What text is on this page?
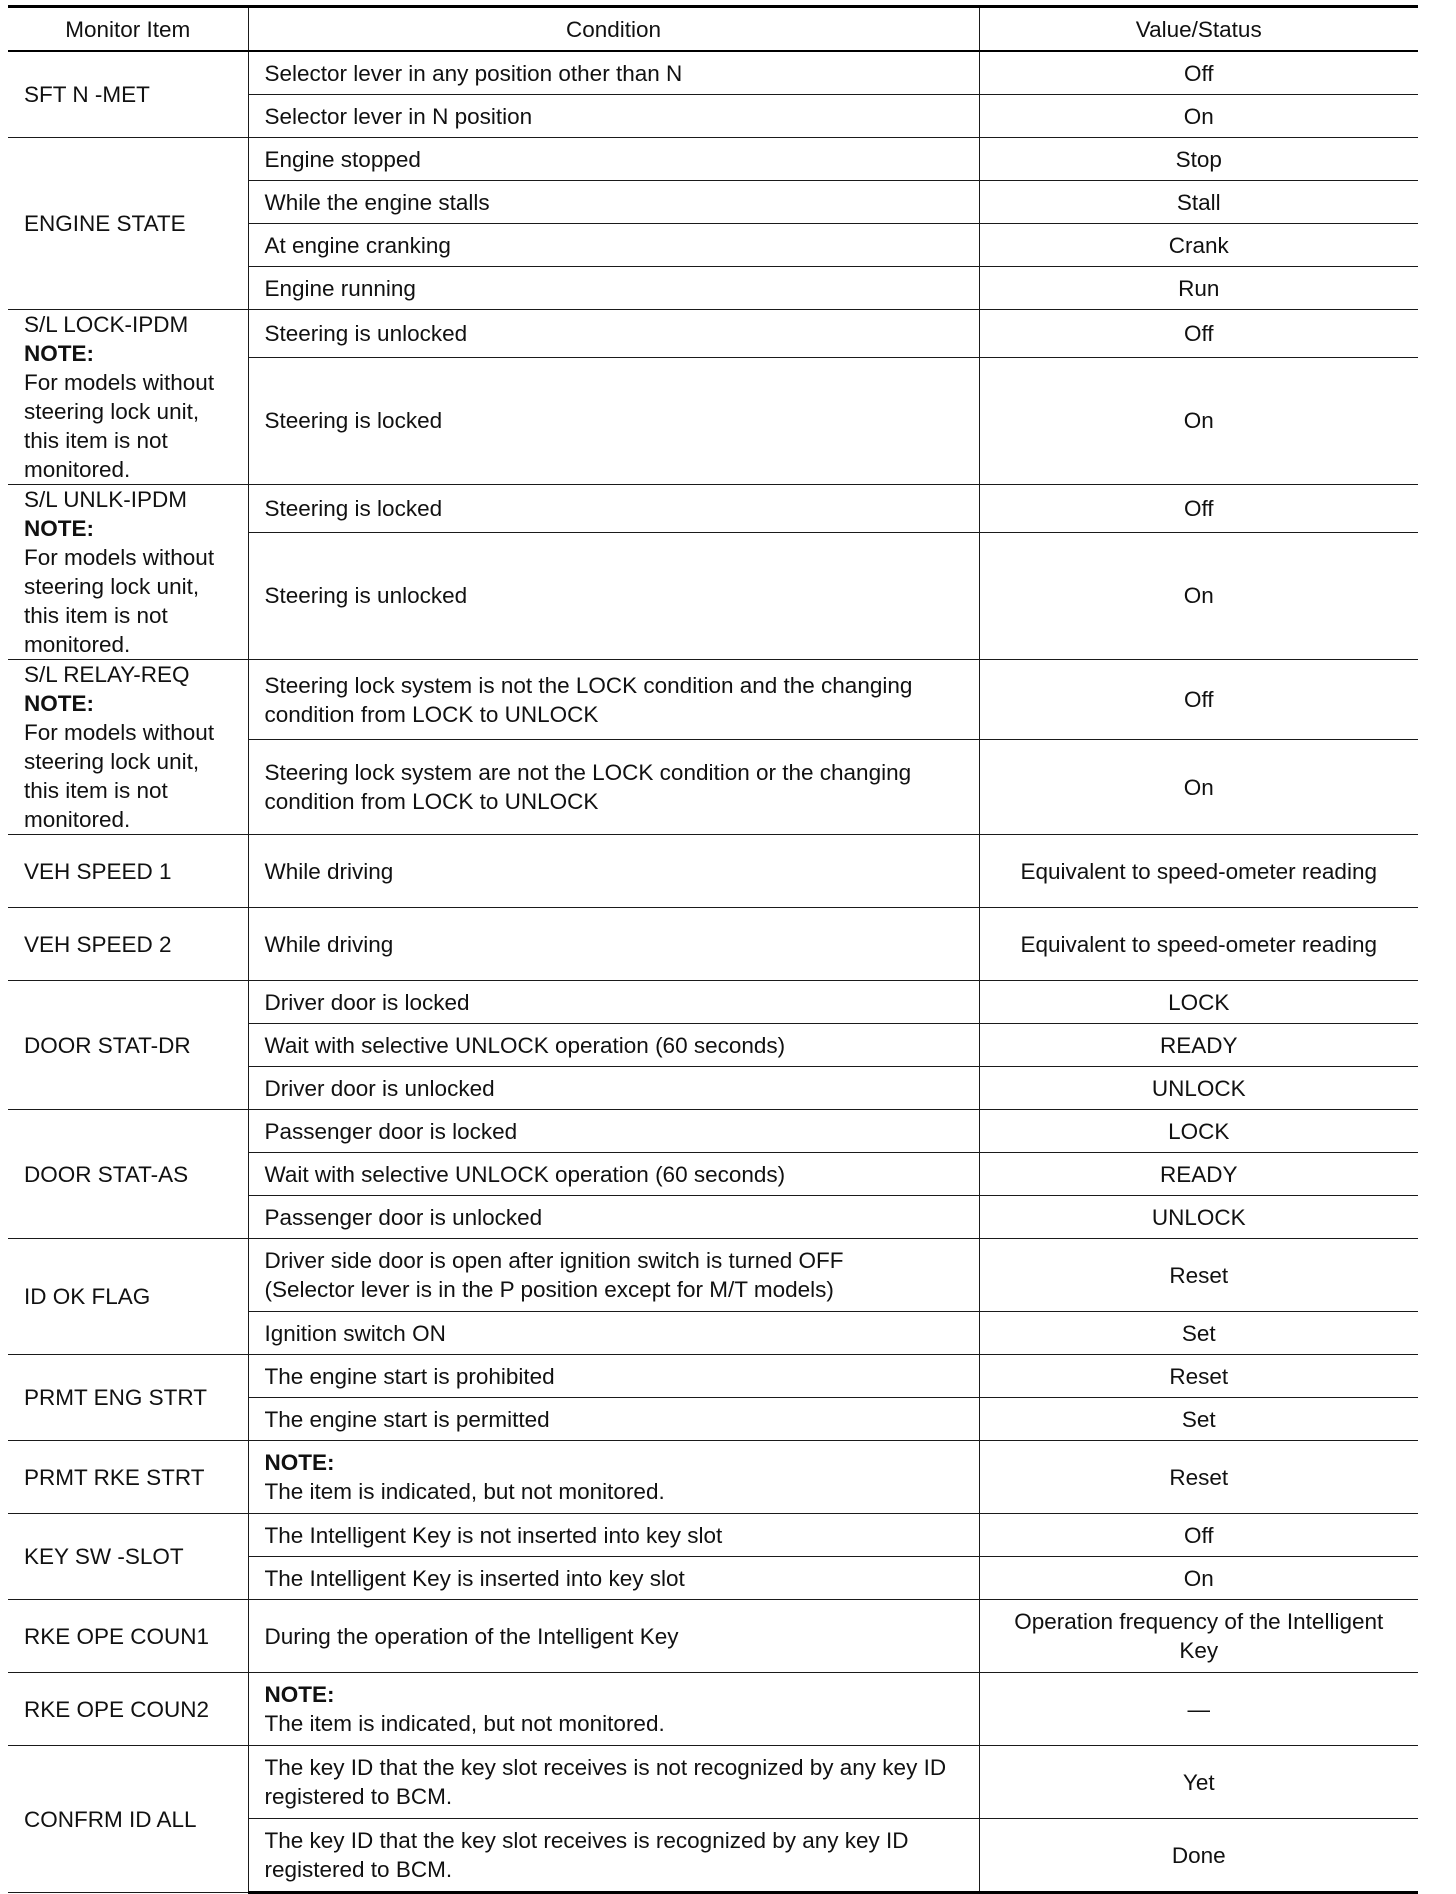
Monitor Item	Condition	Value/Status
SFT N -MET	Selector lever in any position other than N	Off
	Selector lever in N position	On
ENGINE STATE	Engine stopped	Stop
	While the engine stalls	Stall
	At engine cranking	Crank
	Engine running	Run

S/L LOCK-IPDM
NOTE:
For models without steering lock unit, this item is not monitored.	Steering is unlocked	Off
	Steering is locked	On

S/L UNLK-IPDM
NOTE:
For models without steering lock unit, this item is not monitored.	Steering is locked	Off
	Steering is unlocked	On

S/L RELAY-REQ
NOTE:
For models without steering lock unit, this item is not monitored.	Steering lock system is not the LOCK condition and the changing condition from LOCK to UNLOCK	Off
	Steering lock system are not the LOCK condition or the changing condition from LOCK to UNLOCK	On
VEH SPEED 1	While driving	Equivalent to speed-ometer reading
VEH SPEED 2	While driving	Equivalent to speed-ometer reading
DOOR STAT-DR	Driver door is locked	LOCK
	Wait with selective UNLOCK operation (60 seconds)	READY
	Driver door is unlocked	UNLOCK
DOOR STAT-AS	Passenger door is locked	LOCK
	Wait with selective UNLOCK operation (60 seconds)	READY
	Passenger door is unlocked	UNLOCK
ID OK FLAG	Driver side door is open after ignition switch is turned OFF
(Selector lever is in the P position except for M/T models)	Reset
	Ignition switch ON	Set
PRMT ENG STRT	The engine start is prohibited	Reset
	The engine start is permitted	Set
PRMT RKE STRT	NOTE:
The item is indicated, but not monitored.	Reset
KEY SW -SLOT	The Intelligent Key is not inserted into key slot	Off
	The Intelligent Key is inserted into key slot	On
RKE OPE COUN1	During the operation of the Intelligent Key	Operation frequency of the Intelligent Key
RKE OPE COUN2	NOTE:
The item is indicated, but not monitored.	—
CONFRM ID ALL	The key ID that the key slot receives is not recognized by any key ID registered to BCM.	Yet
	The key ID that the key slot receives is recognized by any key ID registered to BCM.	Done
